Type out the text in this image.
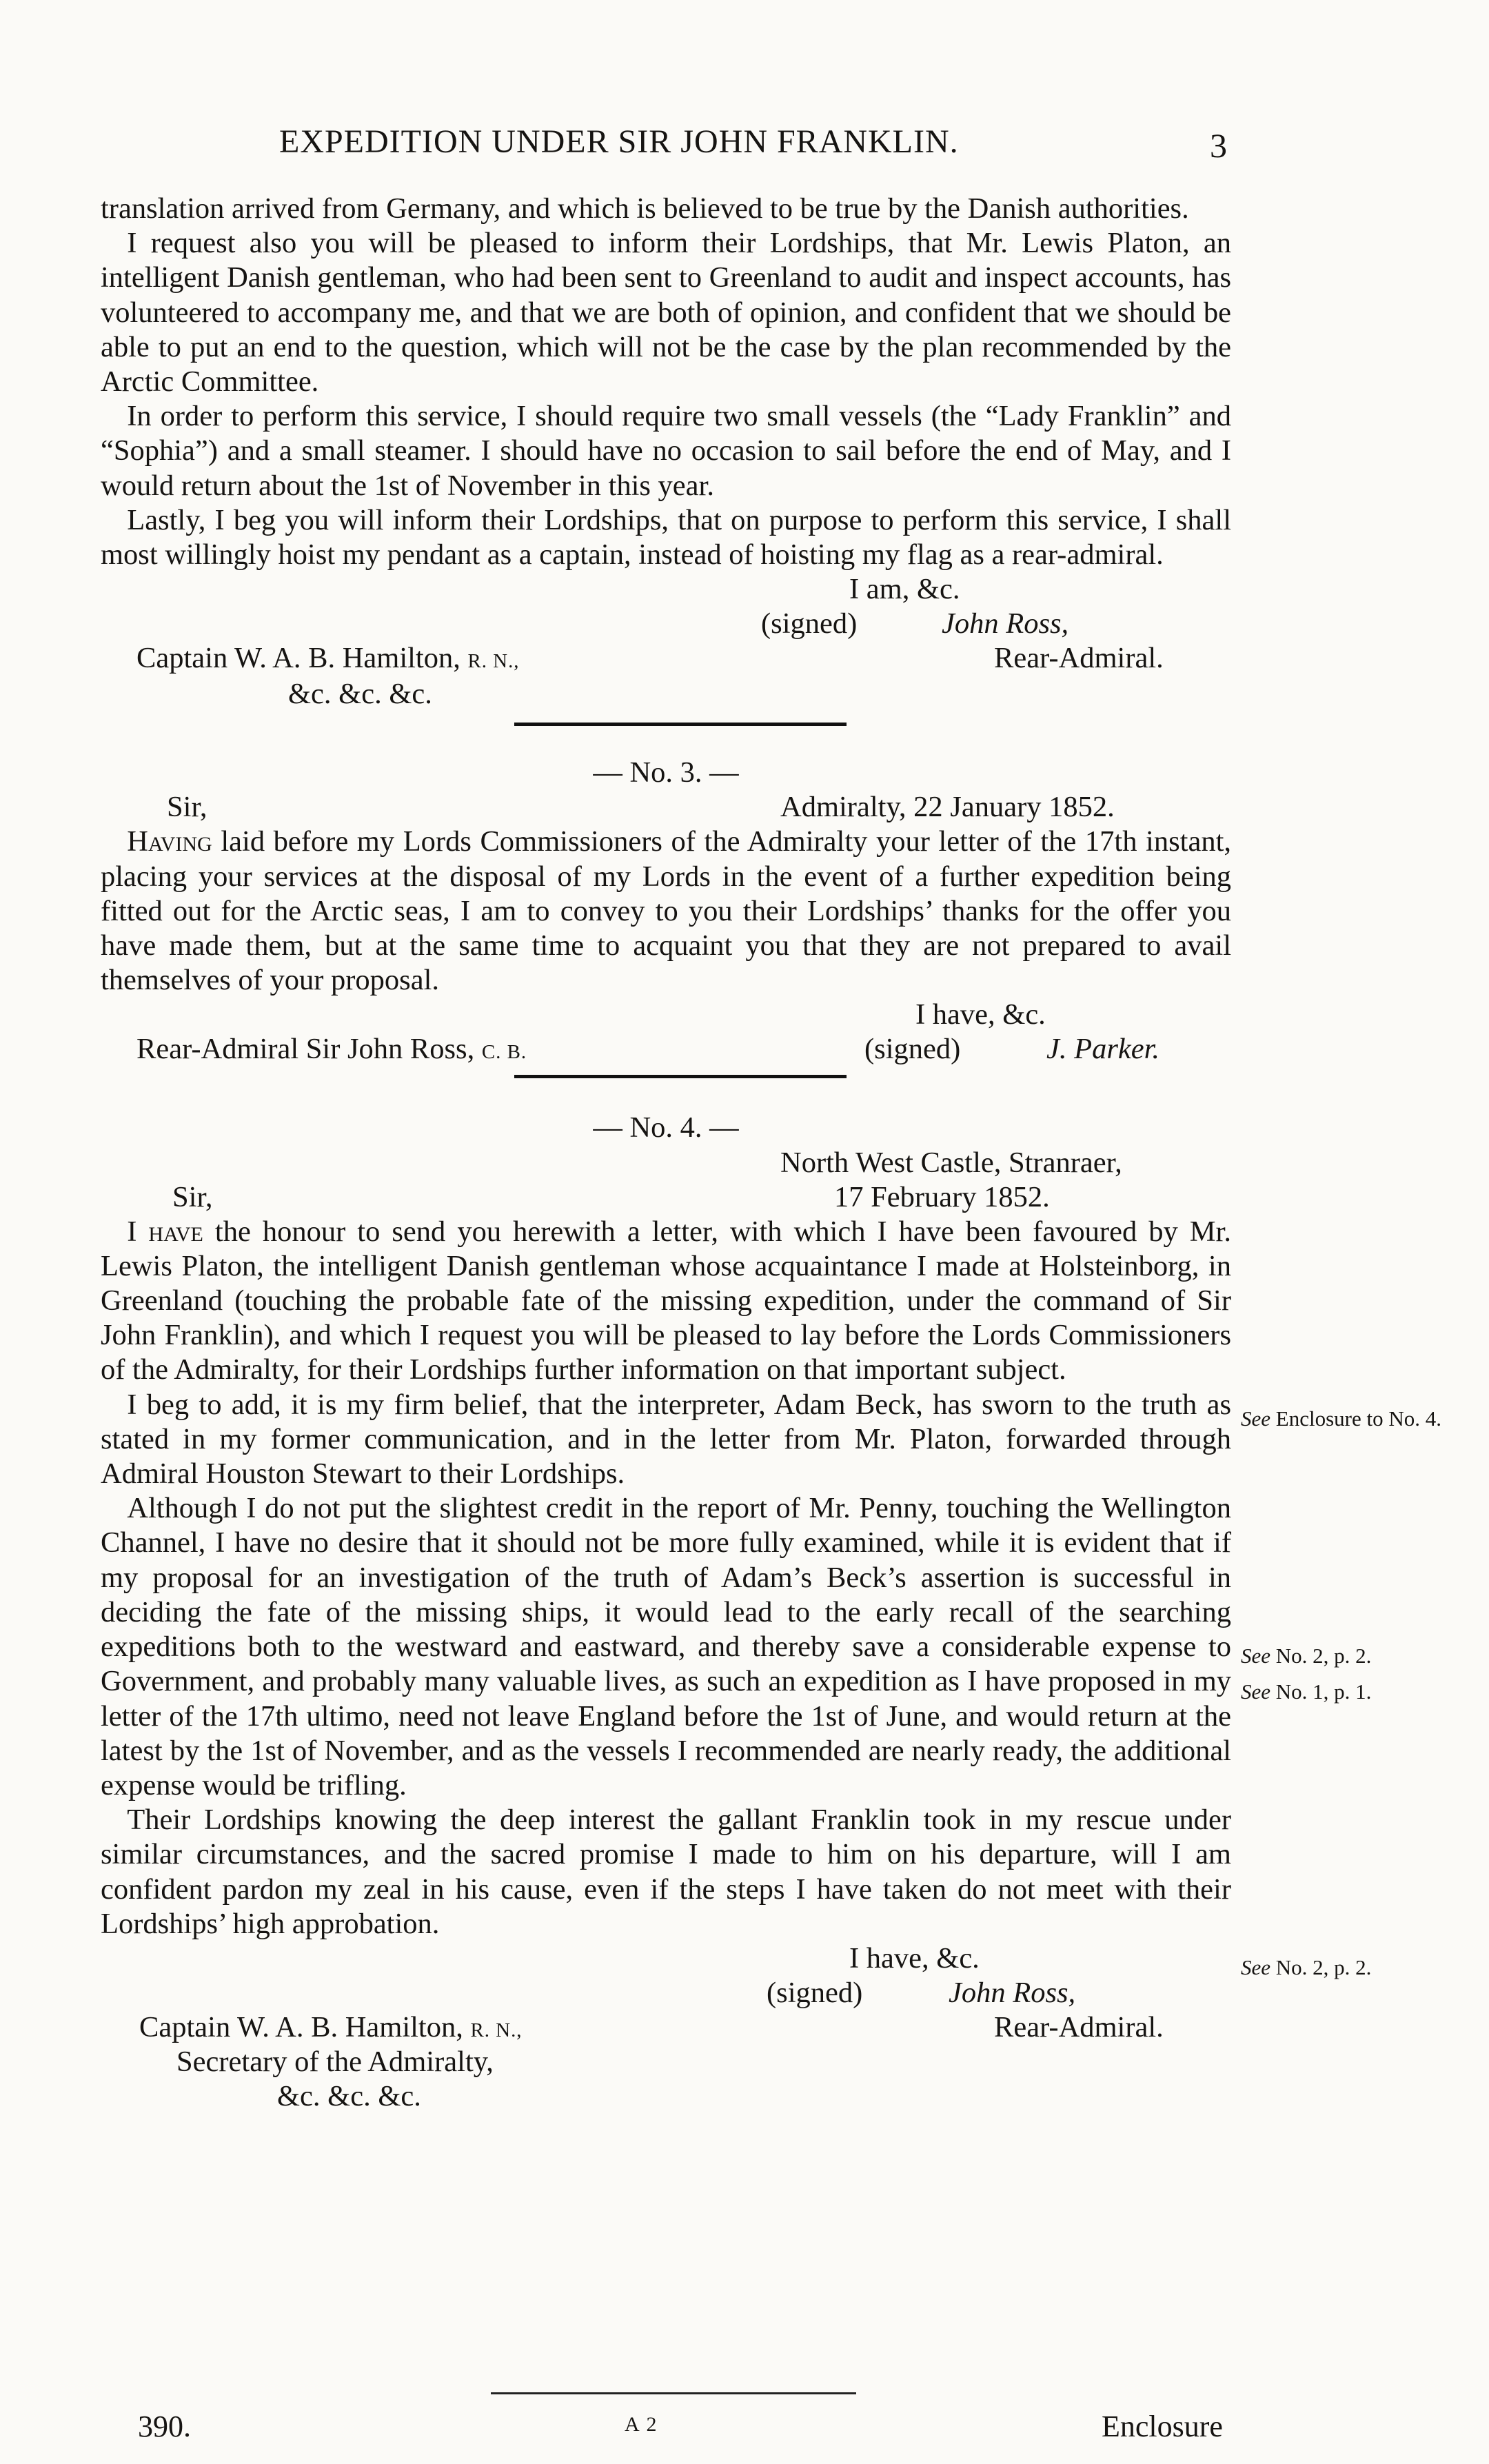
EXPEDITION UNDER SIR JOHN FRANKLIN.	3

translation arrived from Germany, and which is believed to be true by the Danish authorities.

I request also you will be pleased to inform their Lordships, that Mr. Lewis Platon, an intelligent Danish gentleman, who had been sent to Greenland to audit and inspect accounts, has volunteered to accompany me, and that we are both of opinion, and confident that we should be able to put an end to the question, which will not be the case by the plan recommended by the Arctic Committee.

In order to perform this service, I should require two small vessels (the “Lady Franklin” and “Sophia”) and a small steamer. I should have no occasion to sail before the end of May, and I would return about the 1st of November in this year.

Lastly, I beg you will inform their Lordships, that on purpose to perform this service, I shall most willingly hoist my pendant as a captain, instead of hoisting my flag as a rear-admiral.

I am, &c.
(signed)	John Ross,
Rear-Admiral.
Captain W. A. B. Hamilton, R. N.,
&c. &c. &c.
— No. 3. —
Sir,	Admiralty, 22 January 1852.

Having laid before my Lords Commissioners of the Admiralty your letter of the 17th instant, placing your services at the disposal of my Lords in the event of a further expedition being fitted out for the Arctic seas, I am to convey to you their Lordships’ thanks for the offer you have made them, but at the same time to acquaint you that they are not prepared to avail themselves of your proposal.

I have, &c.
Rear-Admiral Sir John Ross, C. B.	(signed)	J. Parker.
— No. 4. —
North West Castle, Stranraer,
Sir,	17 February 1852.

I have the honour to send you herewith a letter, with which I have been favoured by Mr. Lewis Platon, the intelligent Danish gentleman whose acquaintance I made at Holsteinborg, in Greenland (touching the probable fate of the missing expedition, under the command of Sir John Franklin), and which I request you will be pleased to lay before the Lords Commissioners of the Admiralty, for their Lordships further information on that important subject.

I beg to add, it is my firm belief, that the interpreter, Adam Beck, has sworn to the truth as stated in my former communication, and in the letter from Mr. Platon, forwarded through Admiral Houston Stewart to their Lordships.

Although I do not put the slightest credit in the report of Mr. Penny, touching the Wellington Channel, I have no desire that it should not be more fully examined, while it is evident that if my proposal for an investigation of the truth of Adam’s Beck’s assertion is successful in deciding the fate of the missing ships, it would lead to the early recall of the searching expeditions both to the westward and eastward, and thereby save a considerable expense to Government, and probably many valuable lives, as such an expedition as I have proposed in my letter of the 17th ultimo, need not leave England before the 1st of June, and would return at the latest by the 1st of November, and as the vessels I recommended are nearly ready, the additional expense would be trifling.

Their Lordships knowing the deep interest the gallant Franklin took in my rescue under similar circumstances, and the sacred promise I made to him on his departure, will I am confident pardon my zeal in his cause, even if the steps I have taken do not meet with their Lordships’ high approbation.

I have, &c.
(signed)	John Ross,
Rear-Admiral.
Captain W. A. B. Hamilton, R. N.,
Secretary of the Admiralty,
&c. &c. &c.
See Enclosure to No. 4.
See No. 2, p. 2.
See No. 1, p. 1.
See No. 2, p. 2.
390.	A 2	Enclosure
